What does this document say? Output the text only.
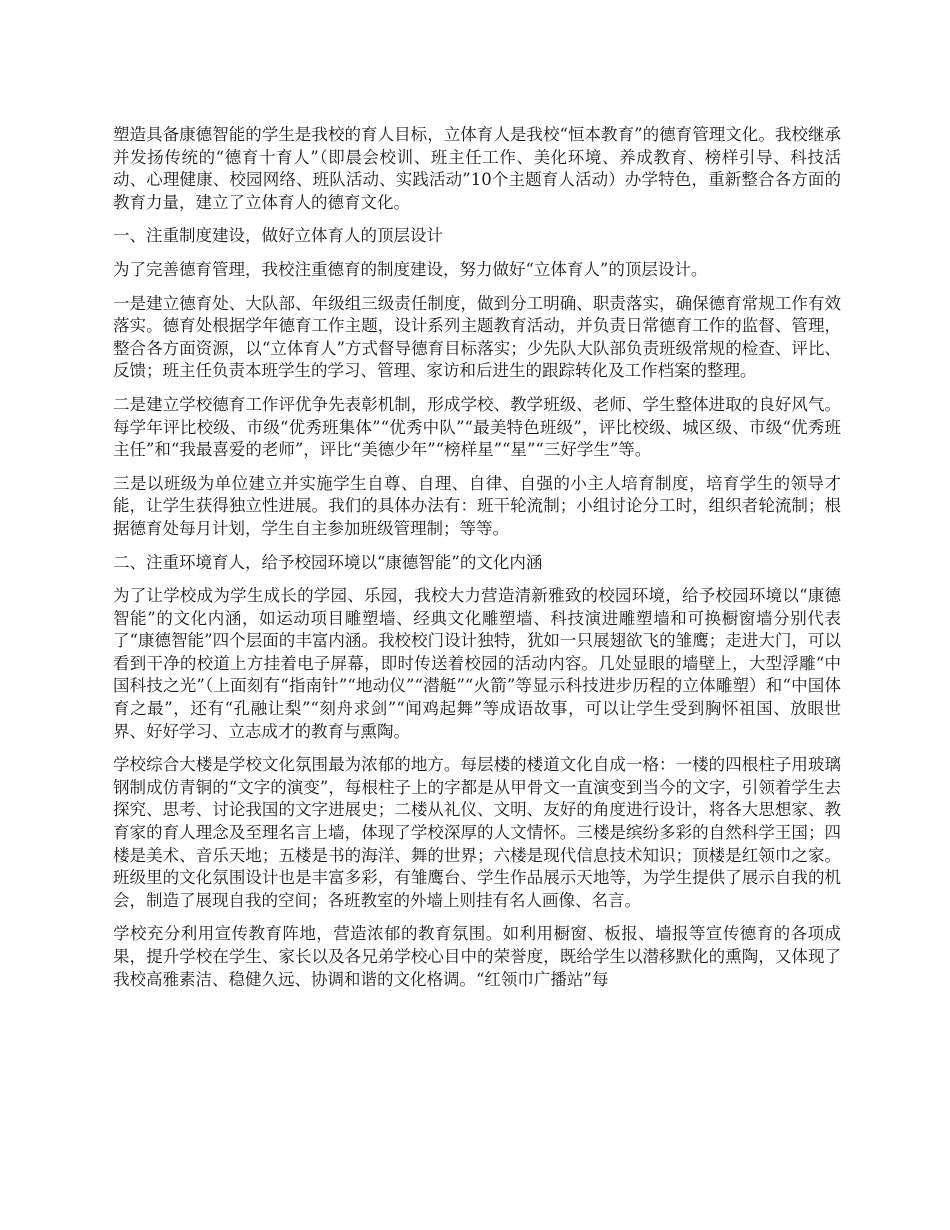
塑造具备康德智能的学生是我校的育人目标，立体育人是我校“恒本教育”的德育管理文化。我校继承并发扬传统的“德育十育人”（即晨会校训、班主任工作、美化环境、养成教育、榜样引导、科技活动、心理健康、校园网络、班队活动、实践活动”10个主题育人活动）办学特色，重新整合各方面的教育力量，建立了立体育人的德育文化。

一、注重制度建设，做好立体育人的顶层设计

为了完善德育管理，我校注重德育的制度建设，努力做好“立体育人”的顶层设计。

一是建立德育处、大队部、年级组三级责任制度，做到分工明确、职责落实，确保德育常规工作有效落实。德育处根据学年德育工作主题，设计系列主题教育活动，并负责日常德育工作的监督、管理，整合各方面资源，以“立体育人”方式督导德育目标落实；少先队大队部负责班级常规的检查、评比、反馈；班主任负责本班学生的学习、管理、家访和后进生的跟踪转化及工作档案的整理。

二是建立学校德育工作评优争先表彰机制，形成学校、教学班级、老师、学生整体进取的良好风气。每学年评比校级、市级“优秀班集体”“优秀中队”“最美特色班级”，评比校级、城区级、市级“优秀班主任”和“我最喜爱的老师”，评比“美德少年”“榜样星”“星”“三好学生”等。

三是以班级为单位建立并实施学生自尊、自理、自律、自强的小主人培育制度，培育学生的领导才能，让学生获得独立性进展。我们的具体办法有：班干轮流制；小组讨论分工时，组织者轮流制；根据德育处每月计划，学生自主参加班级管理制；等等。

二、注重环境育人，给予校园环境以“康德智能”的文化内涵

为了让学校成为学生成长的学园、乐园，我校大力营造清新雅致的校园环境，给予校园环境以“康德智能”的文化内涵，如运动项目雕塑墙、经典文化雕塑墙、科技演进雕塑墙和可换橱窗墙分别代表了“康德智能”四个层面的丰富内涵。我校校门设计独特，犹如一只展翅欲飞的雏鹰；走进大门，可以看到干净的校道上方挂着电子屏幕，即时传送着校园的活动内容。几处显眼的墙壁上，大型浮雕“中国科技之光”（上面刻有“指南针”“地动仪”“潜艇”“火箭”等显示科技进步历程的立体雕塑）和“中国体育之最”，还有“孔融让梨”“刻舟求剑”“闻鸡起舞”等成语故事，可以让学生受到胸怀祖国、放眼世界、好好学习、立志成才的教育与熏陶。

学校综合大楼是学校文化氛围最为浓郁的地方。每层楼的楼道文化自成一格：一楼的四根柱子用玻璃钢制成仿青铜的“文字的演变”，每根柱子上的字都是从甲骨文一直演变到当今的文字，引领着学生去探究、思考、讨论我国的文字进展史；二楼从礼仪、文明、友好的角度进行设计，将各大思想家、教育家的育人理念及至理名言上墙，体现了学校深厚的人文情怀。三楼是缤纷多彩的自然科学王国；四楼是美术、音乐天地；五楼是书的海洋、舞的世界；六楼是现代信息技术知识；顶楼是红领巾之家。班级里的文化氛围设计也是丰富多彩，有雏鹰台、学生作品展示天地等，为学生提供了展示自我的机会，制造了展现自我的空间；各班教室的外墙上则挂有名人画像、名言。

学校充分利用宣传教育阵地，营造浓郁的教育氛围。如利用橱窗、板报、墙报等宣传德育的各项成果，提升学校在学生、家长以及各兄弟学校心目中的荣誉度，既给学生以潜移默化的熏陶，又体现了我校高雅素洁、稳健久远、协调和谐的文化格调。“红领巾广播站”每
